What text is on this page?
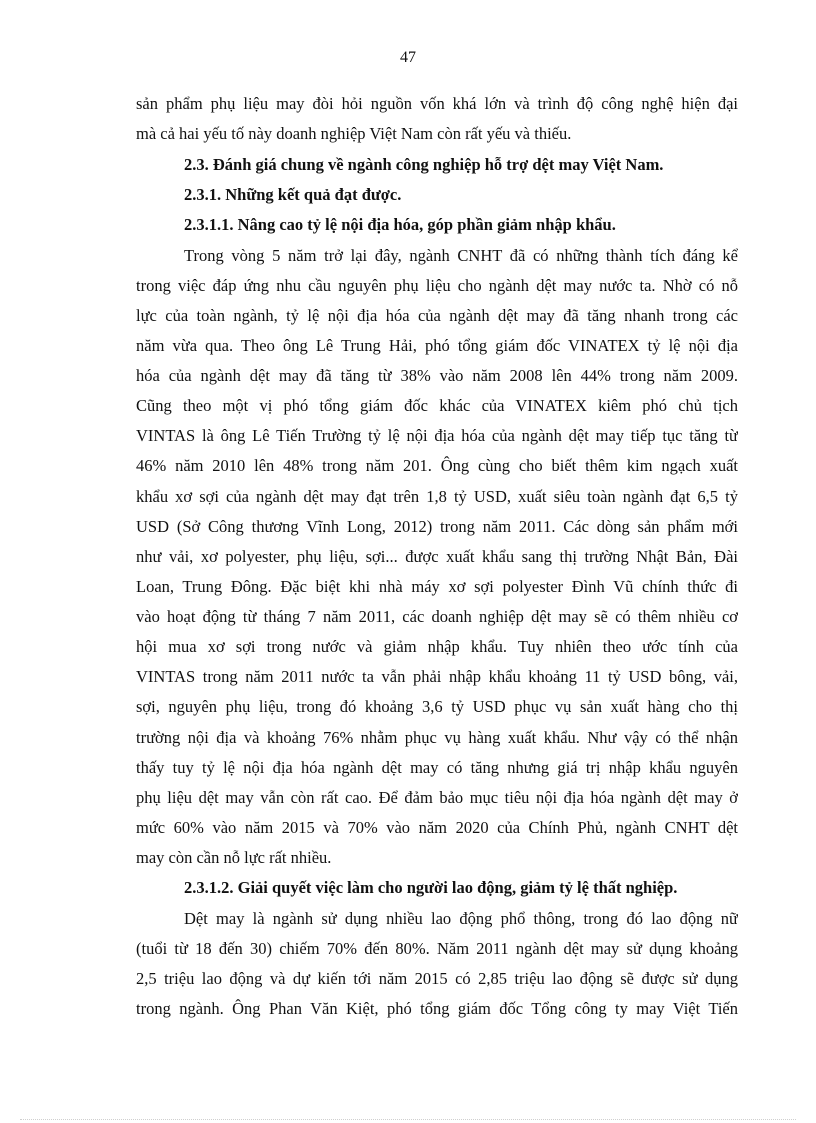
47
sản phẩm phụ liệu may đòi hỏi nguồn vốn khá lớn và trình độ công nghệ hiện đại
mà cả hai yếu tố này doanh nghiệp Việt Nam còn rất yếu và thiếu.
2.3. Đánh giá chung về ngành công nghiệp hỗ trợ dệt may Việt Nam.
2.3.1. Những kết quả đạt được.
2.3.1.1. Nâng cao tỷ lệ nội địa hóa, góp phần giảm nhập khẩu.
Trong vòng 5 năm trở lại đây, ngành CNHT đã có những thành tích đáng kể
trong việc đáp ứng nhu cầu nguyên phụ liệu cho ngành dệt may nước ta. Nhờ có nỗ
lực của toàn ngành, tỷ lệ nội địa hóa của ngành dệt may đã tăng nhanh trong các
năm vừa qua. Theo ông Lê Trung Hải, phó tổng giám đốc VINATEX tỷ lệ nội địa
hóa của ngành dệt may đã tăng từ 38% vào năm 2008 lên 44% trong năm 2009.
Cũng theo một vị phó tổng giám đốc khác của VINATEX kiêm phó chủ tịch
VINTAS là ông Lê Tiến Trường tỷ lệ nội địa hóa của ngành dệt may tiếp tục tăng từ
46% năm 2010 lên 48% trong năm 201. Ông cùng cho biết thêm kim ngạch xuất
khẩu xơ sợi của ngành dệt may đạt trên 1,8 tỷ USD, xuất siêu toàn ngành đạt 6,5 tỷ
USD (Sở Công thương Vĩnh Long, 2012) trong năm 2011. Các dòng sản phẩm mới
như vải, xơ polyester, phụ liệu, sợi... được xuất khẩu sang thị trường Nhật Bản, Đài
Loan, Trung Đông. Đặc biệt khi nhà máy xơ sợi polyester Đình Vũ chính thức đi
vào hoạt động từ tháng 7 năm 2011, các doanh nghiệp dệt may sẽ có thêm nhiều cơ
hội mua xơ sợi trong nước và giảm nhập khẩu. Tuy nhiên theo ước tính của
VINTAS trong năm 2011 nước ta vẫn phải nhập khẩu khoảng 11 tỷ USD bông, vải,
sợi, nguyên phụ liệu, trong đó khoảng 3,6 tỷ USD phục vụ sản xuất hàng cho thị
trường nội địa và khoảng 76% nhằm phục vụ hàng xuất khẩu. Như vậy có thể nhận
thấy tuy tỷ lệ nội địa hóa ngành dệt may có tăng nhưng giá trị nhập khẩu nguyên
phụ liệu dệt may vẫn còn rất cao. Để đảm bảo mục tiêu nội địa hóa ngành dệt may ở
mức 60% vào năm 2015 và 70% vào năm 2020 của Chính Phủ, ngành CNHT dệt
may còn cần nỗ lực rất nhiều.
2.3.1.2. Giải quyết việc làm cho người lao động, giảm tỷ lệ thất nghiệp.
Dệt may là ngành sử dụng nhiều lao động phổ thông, trong đó lao động nữ
(tuổi từ 18 đến 30) chiếm 70% đến 80%. Năm 2011 ngành dệt may sử dụng khoảng
2,5 triệu lao động và dự kiến tới năm 2015 có 2,85 triệu lao động sẽ được sử dụng
trong ngành. Ông Phan Văn Kiệt, phó tổng giám đốc Tổng công ty may Việt Tiến
